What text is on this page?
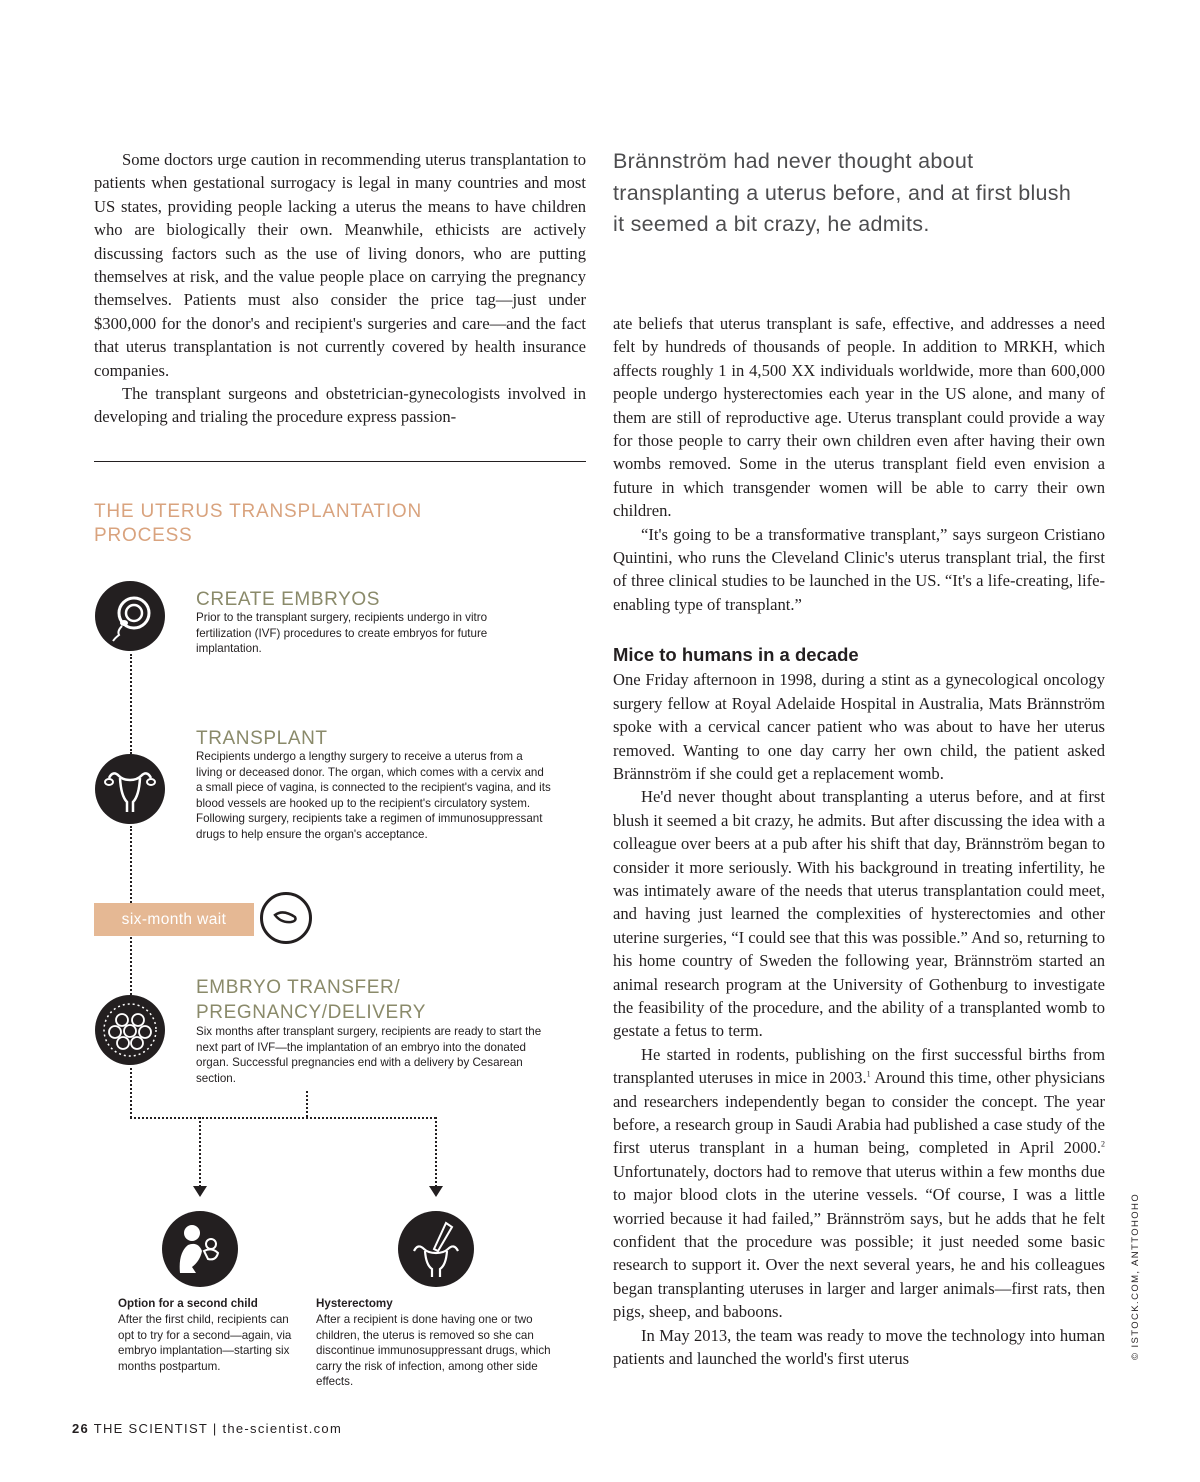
Some doctors urge caution in recommending uterus transplantation to patients when gestational surrogacy is legal in many countries and most US states, providing people lacking a uterus the means to have children who are biologically their own. Meanwhile, ethicists are actively discussing factors such as the use of living donors, who are putting themselves at risk, and the value people place on carrying the pregnancy themselves. Patients must also consider the price tag—just under $300,000 for the donor's and recipient's surgeries and care—and the fact that uterus transplantation is not currently covered by health insurance companies.

The transplant surgeons and obstetrician-gynecologists involved in developing and trialing the procedure express passion-

Brännström had never thought about transplanting a uterus before, and at first blush it seemed a bit crazy, he admits.

ate beliefs that uterus transplant is safe, effective, and addresses a need felt by hundreds of thousands of people. In addition to MRKH, which affects roughly 1 in 4,500 XX individuals worldwide, more than 600,000 people undergo hysterectomies each year in the US alone, and many of them are still of reproductive age. Uterus transplant could provide a way for those people to carry their own children even after having their own wombs removed. Some in the uterus transplant field even envision a future in which transgender women will be able to carry their own children.

“It's going to be a transformative transplant,” says surgeon Cristiano Quintini, who runs the Cleveland Clinic's uterus transplant trial, the first of three clinical studies to be launched in the US. “It's a life-creating, life-enabling type of transplant.”

Mice to humans in a decade

One Friday afternoon in 1998, during a stint as a gynecological oncology surgery fellow at Royal Adelaide Hospital in Australia, Mats Brännström spoke with a cervical cancer patient who was about to have her uterus removed. Wanting to one day carry her own child, the patient asked Brännström if she could get a replacement womb.

He'd never thought about transplanting a uterus before, and at first blush it seemed a bit crazy, he admits. But after discussing the idea with a colleague over beers at a pub after his shift that day, Brännström began to consider it more seriously. With his background in treating infertility, he was intimately aware of the needs that uterus transplantation could meet, and having just learned the complexities of hysterectomies and other uterine surgeries, “I could see that this was possible.” And so, returning to his home country of Sweden the following year, Brännström started an animal research program at the University of Gothenburg to investigate the feasibility of the procedure, and the ability of a transplanted womb to gestate a fetus to term.

He started in rodents, publishing on the first successful births from transplanted uteruses in mice in 2003.$^1$ Around this time, other physicians and researchers independently began to consider the concept. The year before, a research group in Saudi Arabia had published a case study of the first uterus transplant in a human being, completed in April 2000.$^2$ Unfortunately, doctors had to remove that uterus within a few months due to major blood clots in the uterine vessels. “Of course, I was a little worried because it had failed,” Brännström says, but he adds that he felt confident that the procedure was possible; it just needed some basic research to support it. Over the next several years, he and his colleagues began transplanting uteruses in larger and larger animals—first rats, then pigs, sheep, and baboons.

In May 2013, the team was ready to move the technology into human patients and launched the world's first uterus

THE UTERUS TRANSPLANTATION PROCESS
CREATE EMBRYOS
Prior to the transplant surgery, recipients undergo in vitro fertilization (IVF) procedures to create embryos for future implantation.
TRANSPLANT
Recipients undergo a lengthy surgery to receive a uterus from a living or deceased donor. The organ, which comes with a cervix and a small piece of vagina, is connected to the recipient's vagina, and its blood vessels are hooked up to the recipient's circulatory system. Following surgery, recipients take a regimen of immunosuppressant drugs to help ensure the organ's acceptance.
six-month wait
EMBRYO TRANSFER/
PREGNANCY/DELIVERY
Six months after transplant surgery, recipients are ready to start the next part of IVF—the implantation of an embryo into the donated organ. Successful pregnancies end with a delivery by Cesarean section.
Option for a second child
After the first child, recipients can opt to try for a second—again, via embryo implantation—starting six months postpartum.
Hysterectomy
After a recipient is done having one or two children, the uterus is removed so she can discontinue immunosuppressant drugs, which carry the risk of infection, among other side effects.
26 THE SCIENTIST | the-scientist.com
© ISTOCK.COM, ANTTOHOHO
